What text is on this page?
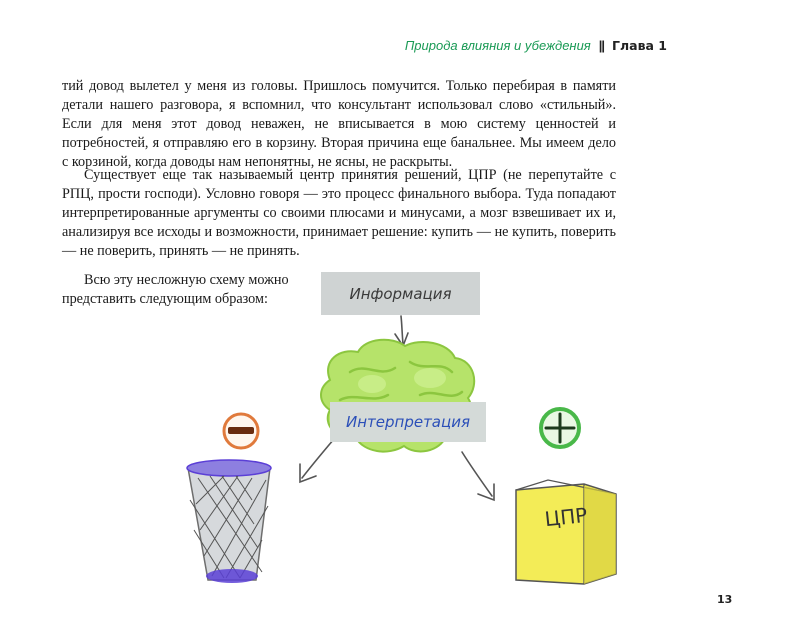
Природа влияния и убеждения || Глава 1
тий довод вылетел у меня из головы. Пришлось помучится. Только перебирая в памяти детали нашего разговора, я вспомнил, что консультант использовал слово «стильный». Если для меня этот довод неважен, не вписывается в мою систему ценностей и потребностей, я отправляю его в корзину. Вторая причина еще банальнее. Мы имеем дело с корзиной, когда доводы нам непонятны, не ясны, не раскрыты.
Существует еще так называемый центр принятия решений, ЦПР (не перепутайте с РПЦ, прости господи). Условно говоря — это процесс финального выбора. Туда попадают интерпретированные аргументы со своими плюсами и минусами, а мозг взвешивает их и, анализируя все исходы и возможности, принимает решение: купить — не купить, поверить — не поверить, принять — не принять.
Всю эту несложную схему можно представить следующим образом:	Информация
Интерпретация
ЦПР
13
